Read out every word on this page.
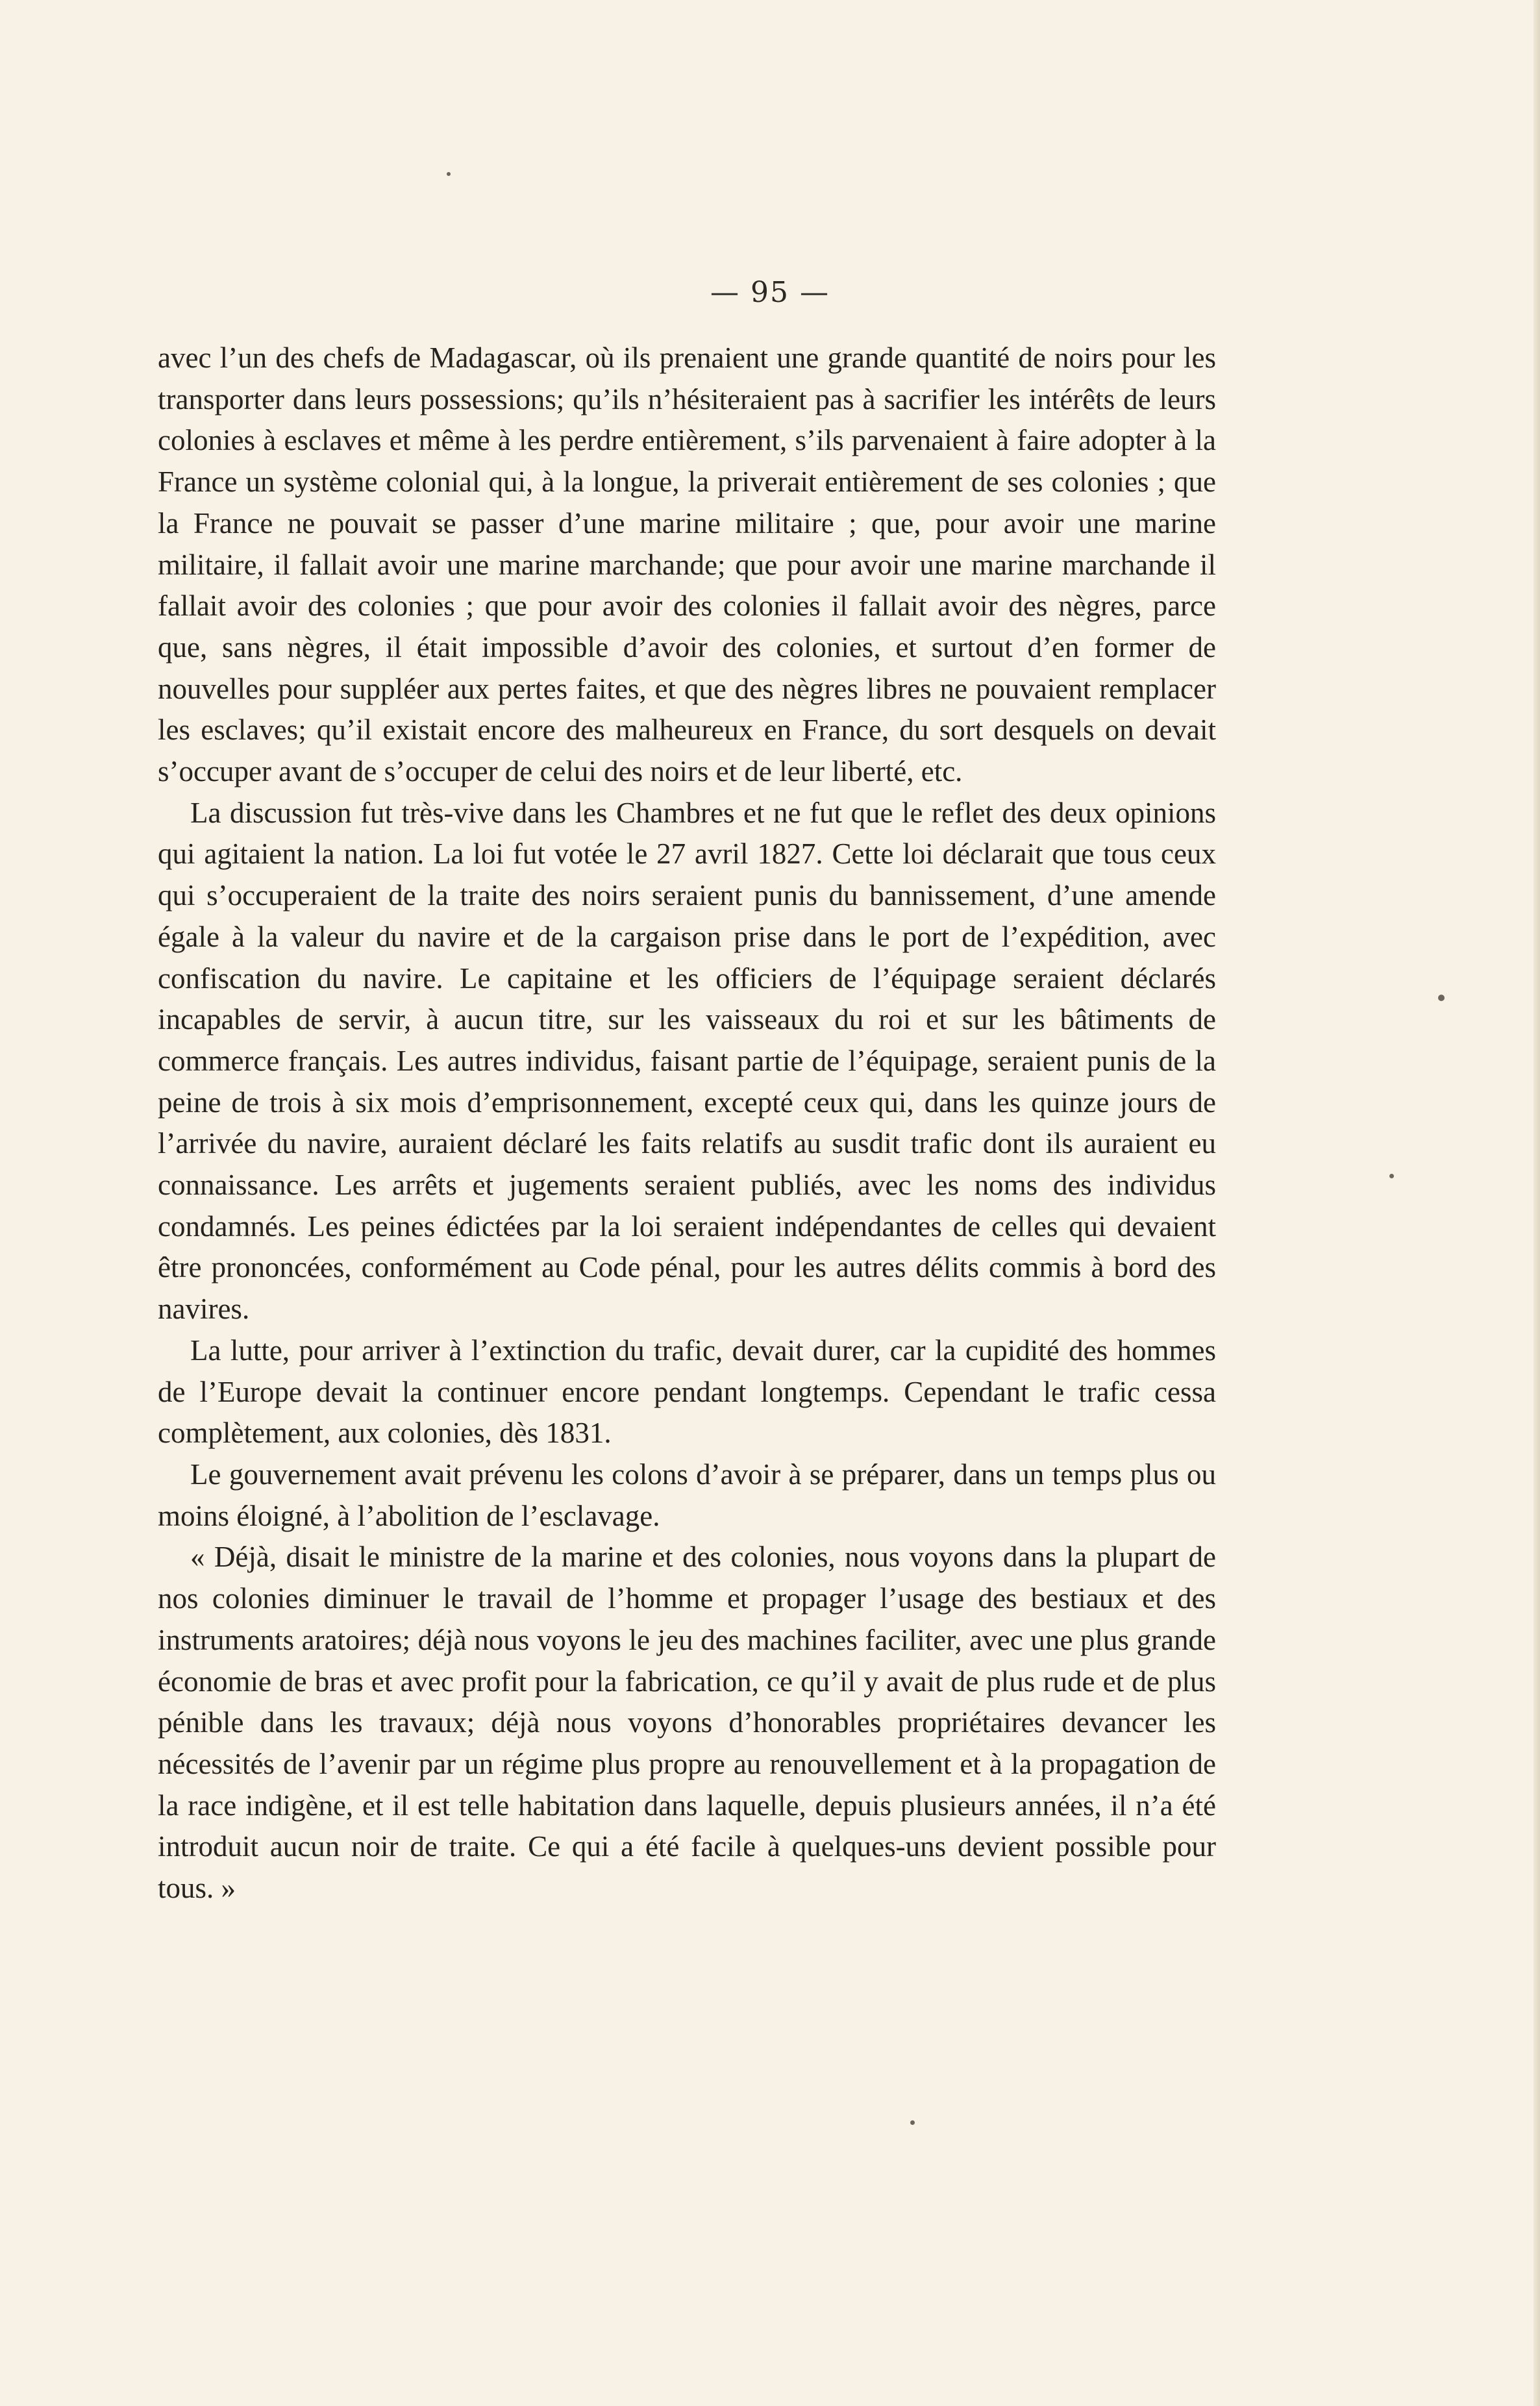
— 95 —

avec l’un des chefs de Madagascar, où ils prenaient une grande quantité de noirs pour les transporter dans leurs possessions; qu’ils n’hésiteraient pas à sacrifier les intérêts de leurs colonies à esclaves et même à les perdre entièrement, s’ils parvenaient à faire adopter à la France un système colonial qui, à la longue, la priverait entièrement de ses colonies ; que la France ne pouvait se passer d’une marine militaire ; que, pour avoir une marine militaire, il fallait avoir une marine marchande; que pour avoir une marine marchande il fallait avoir des colonies ; que pour avoir des colonies il fallait avoir des nègres, parce que, sans nègres, il était impossible d’avoir des colonies, et surtout d’en former de nouvelles pour suppléer aux pertes faites, et que des nègres libres ne pouvaient remplacer les esclaves; qu’il existait encore des malheureux en France, du sort desquels on devait s’occuper avant de s’occuper de celui des noirs et de leur liberté, etc.

La discussion fut très-vive dans les Chambres et ne fut que le reflet des deux opinions qui agitaient la nation. La loi fut votée le 27 avril 1827. Cette loi déclarait que tous ceux qui s’occuperaient de la traite des noirs seraient punis du bannissement, d’une amende égale à la valeur du navire et de la cargaison prise dans le port de l’expédition, avec confiscation du navire. Le capitaine et les officiers de l’équipage seraient déclarés incapables de servir, à aucun titre, sur les vaisseaux du roi et sur les bâtiments de commerce français. Les autres individus, faisant partie de l’équipage, seraient punis de la peine de trois à six mois d’emprisonnement, excepté ceux qui, dans les quinze jours de l’arrivée du navire, auraient déclaré les faits relatifs au susdit trafic dont ils auraient eu connaissance. Les arrêts et jugements seraient publiés, avec les noms des individus condamnés. Les peines édictées par la loi seraient indépendantes de celles qui devaient être prononcées, conformément au Code pénal, pour les autres délits commis à bord des navires.

La lutte, pour arriver à l’extinction du trafic, devait durer, car la cupidité des hommes de l’Europe devait la continuer encore pendant longtemps. Cependant le trafic cessa complètement, aux colonies, dès 1831.

Le gouvernement avait prévenu les colons d’avoir à se préparer, dans un temps plus ou moins éloigné, à l’abolition de l’esclavage.

« Déjà, disait le ministre de la marine et des colonies, nous voyons dans la plupart de nos colonies diminuer le travail de l’homme et propager l’usage des bestiaux et des instruments aratoires; déjà nous voyons le jeu des machines faciliter, avec une plus grande économie de bras et avec profit pour la fabrication, ce qu’il y avait de plus rude et de plus pénible dans les travaux; déjà nous voyons d’honorables propriétaires devancer les nécessités de l’avenir par un régime plus propre au renouvellement et à la propagation de la race indigène, et il est telle habitation dans laquelle, depuis plusieurs années, il n’a été introduit aucun noir de traite. Ce qui a été facile à quelques-uns devient possible pour tous. »
